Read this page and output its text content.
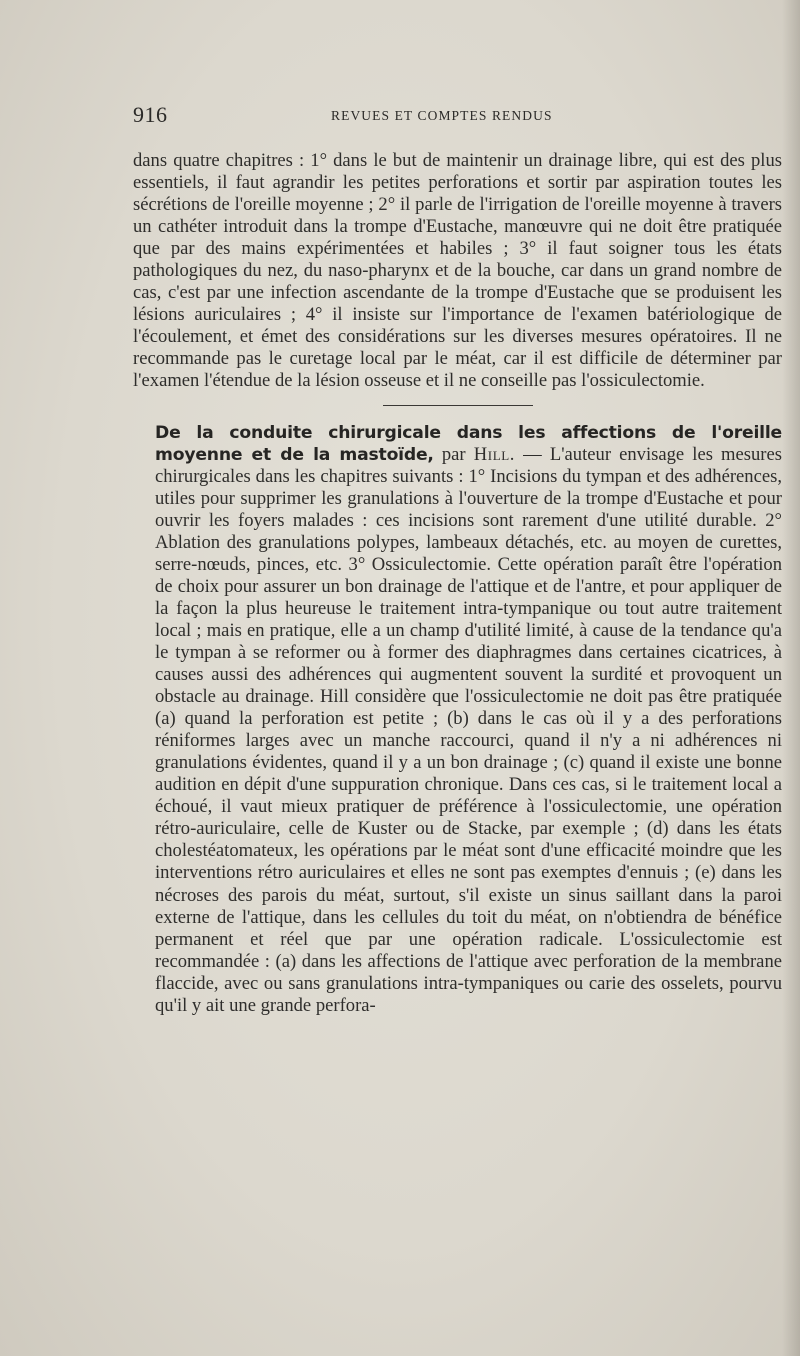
916	REVUES ET COMPTES RENDUS

dans quatre chapitres : 1° dans le but de maintenir un drainage libre, qui est des plus essentiels, il faut agrandir les petites perforations et sortir par aspiration toutes les sécrétions de l'oreille moyenne ; 2° il parle de l'irrigation de l'oreille moyenne à travers un cathéter introduit dans la trompe d'Eustache, manœuvre qui ne doit être pratiquée que par des mains expérimentées et habiles ; 3° il faut soigner tous les états pathologiques du nez, du naso-pharynx et de la bouche, car dans un grand nombre de cas, c'est par une infection ascendante de la trompe d'Eustache que se produisent les lésions auriculaires ; 4° il insiste sur l'importance de l'examen batériologique de l'écoulement, et émet des considérations sur les diverses mesures opératoires. Il ne recommande pas le curetage local par le méat, car il est difficile de déterminer par l'examen l'étendue de la lésion osseuse et il ne conseille pas l'ossiculectomie.

De la conduite chirurgicale dans les affections de l'oreille moyenne et de la mastoïde, par Hill. — L'auteur envisage les mesures chirurgicales dans les chapitres suivants : 1° Incisions du tympan et des adhérences, utiles pour supprimer les granulations à l'ouverture de la trompe d'Eustache et pour ouvrir les foyers malades : ces incisions sont rarement d'une utilité durable. 2° Ablation des granulations polypes, lambeaux détachés, etc. au moyen de curettes, serre-nœuds, pinces, etc. 3° Ossiculectomie. Cette opération paraît être l'opération de choix pour assurer un bon drainage de l'attique et de l'antre, et pour appliquer de la façon la plus heureuse le traitement intra-tympanique ou tout autre traitement local ; mais en pratique, elle a un champ d'utilité limité, à cause de la tendance qu'a le tympan à se reformer ou à former des diaphragmes dans certaines cicatrices, à causes aussi des adhérences qui augmentent souvent la surdité et provoquent un obstacle au drainage. Hill considère que l'ossiculectomie ne doit pas être pratiquée (a) quand la perforation est petite ; (b) dans le cas où il y a des perforations réniformes larges avec un manche raccourci, quand il n'y a ni adhérences ni granulations évidentes, quand il y a un bon drainage ; (c) quand il existe une bonne audition en dépit d'une suppuration chronique. Dans ces cas, si le traitement local a échoué, il vaut mieux pratiquer de préférence à l'ossiculectomie, une opération rétro-auriculaire, celle de Kuster ou de Stacke, par exemple ; (d) dans les états cholestéatomateux, les opérations par le méat sont d'une efficacité moindre que les interventions rétro auriculaires et elles ne sont pas exemptes d'ennuis ; (e) dans les nécroses des parois du méat, surtout, s'il existe un sinus saillant dans la paroi externe de l'attique, dans les cellules du toit du méat, on n'obtiendra de bénéfice permanent et réel que par une opération radicale. L'ossiculectomie est recommandée : (a) dans les affections de l'attique avec perforation de la membrane flaccide, avec ou sans granulations intra-tympaniques ou carie des osselets, pourvu qu'il y ait une grande perfora-
